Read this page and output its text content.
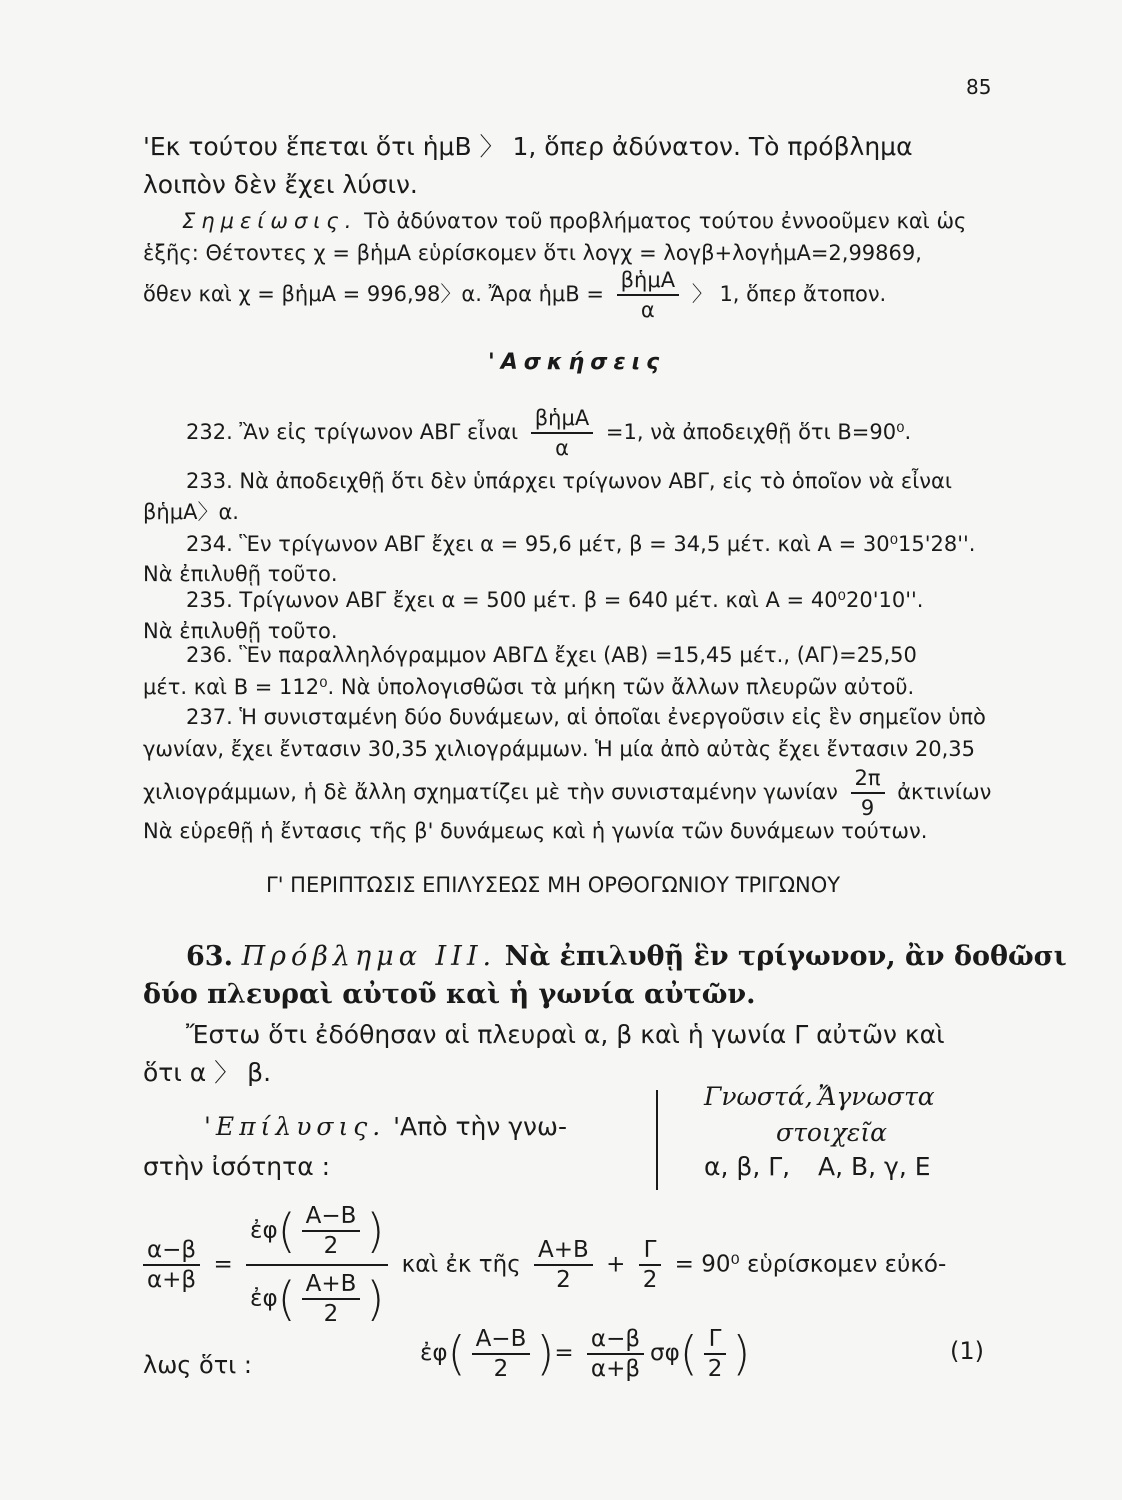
85
'Εκ τούτου ἕπεται ὅτι ἡμΒ 〉 1, ὅπερ ἀδύνατον. Τὸ πρόβλημα
λοιπὸν δὲν ἔχει λύσιν.
Σημείωσις. Τὸ ἀδύνατον τοῦ προβλήματος τούτου ἐννοοῦμεν καὶ ὡς
ἑξῆς: Θέτοντες χ = βἡμΑ εὑρίσκομεν ὅτι λογχ = λογβ+λογἡμΑ=2,99869,
ὅθεν καὶ χ = βἡμΑ = 996,98〉α. Ἄρα ἡμΒ = $\frac{\text{βἡμΑ}}{\alpha}$ 〉 1, ὅπερ ἄτοπον.
'Ασκήσεις
232. Ἂν εἰς τρίγωνον ΑΒΓ εἶναι $\frac{\text{βἡμΑ}}{\alpha} =1$, νὰ ἀποδειχθῇ ὅτι Β=90⁰.
233. Νὰ ἀποδειχθῇ ὅτι δὲν ὑπάρχει τρίγωνον ΑΒΓ, εἰς τὸ ὁποῖον νὰ εἶναι
βἡμΑ〉α.
234. Ἓν τρίγωνον ΑΒΓ ἔχει α = 95,6 μέτ, β = 34,5 μέτ. καὶ Α = 30⁰15'28''.
Νὰ ἐπιλυθῇ τοῦτο.
235. Τρίγωνον ΑΒΓ ἔχει α = 500 μέτ. β = 640 μέτ. καὶ Α = 40⁰20'10''.
Νὰ ἐπιλυθῇ τοῦτο.
236. Ἓν παραλληλόγραμμον ΑΒΓΔ ἔχει (ΑΒ) =15,45 μέτ., (ΑΓ)=25,50
μέτ. καὶ Β = 112⁰. Νὰ ὑπολογισθῶσι τὰ μήκη τῶν ἄλλων πλευρῶν αὐτοῦ.
237. Ἡ συνισταμένη δύο δυνάμεων, αἱ ὁποῖαι ἐνεργοῦσιν εἰς ἓν σημεῖον ὑπὸ
γωνίαν, ἔχει ἔντασιν 30,35 χιλιογράμμων. Ἡ μία ἀπὸ αὐτὰς ἔχει ἔντασιν 20,35
χιλιογράμμων, ἡ δὲ ἄλλη σχηματίζει μὲ τὴν συνισταμένην γωνίαν $\frac{2\pi}{9}$ ἀκτινίων
Νὰ εὑρεθῇ ἡ ἔντασις τῆς β' δυνάμεως καὶ ἡ γωνία τῶν δυνάμεων τούτων.
Γ' ΠΕΡΙΠΤΩΣΙΣ ΕΠΙΛΥΣΕΩΣ ΜΗ ΟΡΘΟΓΩΝΙΟΥ ΤΡΙΓΩΝΟΥ
63. Πρόβλημα ΙΙΙ. Νὰ ἐπιλυθῇ ἓν τρίγωνον, ἂν δοθῶσι
δύο πλευραὶ αὐτοῦ καὶ ἡ γωνία αὐτῶν.
Ἔστω ὅτι ἐδόθησαν αἱ πλευραὶ α, β καὶ ἡ γωνία Γ αὐτῶν καὶ
ὅτι α 〉 β.
'Επίλυσις. 'Απὸ τὴν γνω-
στὴν ἰσότητα :
Γνωστά, Ἄγνωστα
στοιχεῖα
α, β, Γ, Α, Β, γ, Ε
$\frac{\alpha-\beta}{\alpha+\beta} = \frac{ἐ\varphi( \frac{A-B}{2} )}{ἐ\varphi( \frac{A+B}{2} )}$ καὶ ἐκ τῆς $\frac{A+B}{2} + \frac{\Gamma}{2} = 90^0$ εὑρίσκομεν εὐκό-
λως ὅτι :	ἐφ( $\frac{A-B}{2}$ )= $\frac{\alpha-\beta}{\alpha+\beta} \sigma\varphi( \frac{\Gamma}{2}$ )	(1)
